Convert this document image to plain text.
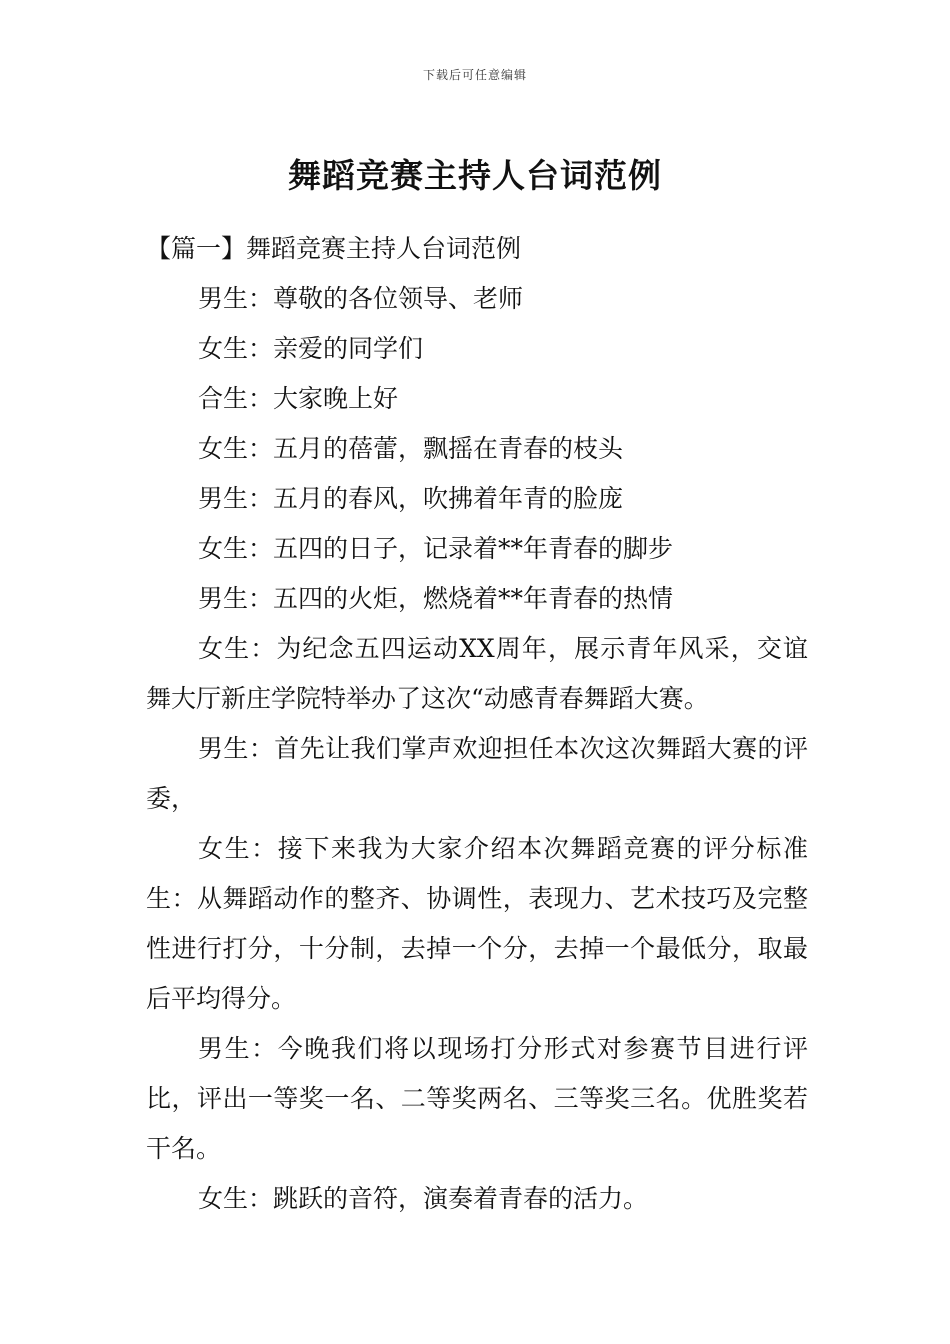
下载后可任意编辑
舞蹈竞赛主持人台词范例

【篇一】舞蹈竞赛主持人台词范例

男生：尊敬的各位领导、老师

女生：亲爱的同学们

合生：大家晚上好

女生：五月的蓓蕾，飘摇在青春的枝头

男生：五月的春风，吹拂着年青的脸庞

女生：五四的日子，记录着**年青春的脚步

男生：五四的火炬，燃烧着**年青春的热情

女生：为纪念五四运动XX周年，展示青年风采，交谊舞大厅新庄学院特举办了这次“动感青春舞蹈大赛。

男生：首先让我们掌声欢迎担任本次这次舞蹈大赛的评委，

女生：接下来我为大家介绍本次舞蹈竞赛的评分标准生：从舞蹈动作的整齐、协调性，表现力、艺术技巧及完整性进行打分，十分制，去掉一个分，去掉一个最低分，取最后平均得分。

男生：今晚我们将以现场打分形式对参赛节目进行评比，评出一等奖一名、二等奖两名、三等奖三名。优胜奖若干名。

女生：跳跃的音符，演奏着青春的活力。
